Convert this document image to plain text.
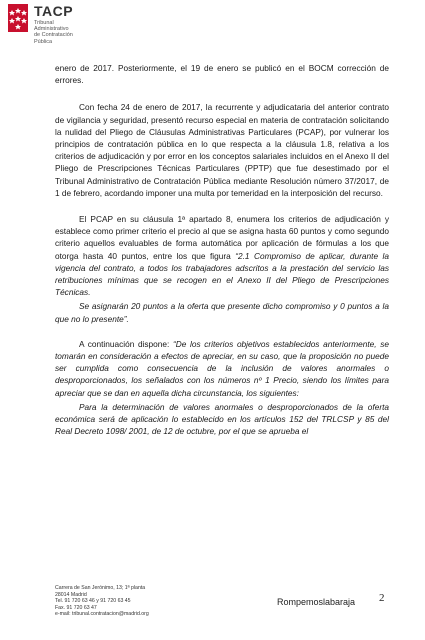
TACP
Tribunal
Administrativo
de Contratación
Pública

enero de 2017. Posteriormente, el 19 de enero se publicó en el BOCM corrección de errores.

Con fecha 24 de enero de 2017, la recurrente y adjudicataria del anterior contrato de vigilancia y seguridad, presentó recurso especial en materia de contratación solicitando la nulidad del Pliego de Cláusulas Administrativas Particulares (PCAP), por vulnerar los principios de contratación pública en lo que respecta a la cláusula 1.8, relativa a los criterios de adjudicación y por error en los conceptos salariales incluidos en el Anexo II del Pliego de Prescripciones Técnicas Particulares (PPTP) que fue desestimado por el Tribunal Administrativo de Contratación Pública mediante Resolución número 37/2017, de 1 de febrero, acordando imponer una multa por temeridad en la interposición del recurso.

El PCAP en su cláusula 1ª apartado 8, enumera los criterios de adjudicación y establece como primer criterio el precio al que se asigna hasta 60 puntos y como segundo criterio aquellos evaluables de forma automática por aplicación de fórmulas a los que otorga hasta 40 puntos, entre los que figura “2.1 Compromiso de aplicar, durante la vigencia del contrato, a todos los trabajadores adscritos a la prestación del servicio las retribuciones mínimas que se recogen en el Anexo II del Pliego de Prescripciones Técnicas.

Se asignarán 20 puntos a la oferta que presente dicho compromiso y 0 puntos a la que no lo presente”.

A continuación dispone: “De los criterios objetivos establecidos anteriormente, se tomarán en consideración a efectos de apreciar, en su caso, que la proposición no puede ser cumplida como consecuencia de la inclusión de valores anormales o desproporcionados, los señalados con los números nº 1 Precio, siendo los límites para apreciar que se dan en aquella dicha circunstancia, los siguientes:

Para la determinación de valores anormales o desproporcionados de la oferta económica será de aplicación lo establecido en los artículos 152 del TRLCSP y 85 del Real Decreto 1098/ 2001, de 12 de octubre, por el que se aprueba el

Carrera de San Jerónimo, 13; 1ª planta
28014 Madrid
Tel. 91 720 63 46 y 91 720 63 45
Fax. 91 720 63 47
e-mail: tribunal.contratacion@madrid.org
Rompemoslabaraja 2
